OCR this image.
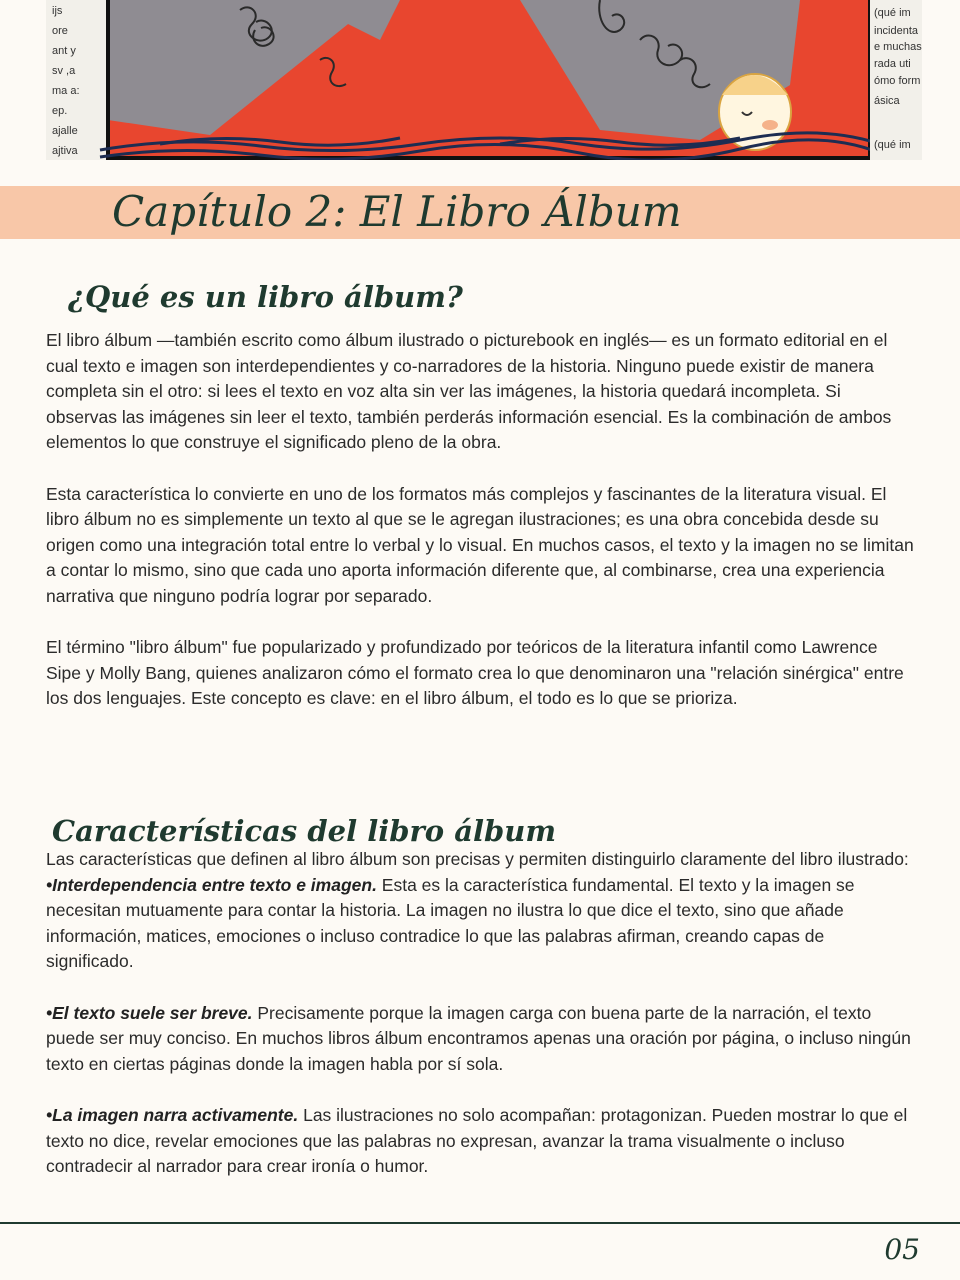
ijs
ore
ant y
sv ,a
ma a:
ep.
ajalle
ajtiva
(qué im
incidenta
e muchas
rada uti
ómo form
ásica
(qué im
Capítulo 2: El Libro Álbum
¿Qué es un libro álbum?

El libro álbum —también escrito como álbum ilustrado o picturebook en inglés— es un formato editorial en el cual texto e imagen son interdependientes y co-narradores de la historia. Ninguno puede existir de manera completa sin el otro: si lees el texto en voz alta sin ver las imágenes, la historia quedará incompleta. Si observas las imágenes sin leer el texto, también perderás información esencial. Es la combinación de ambos elementos lo que construye el significado pleno de la obra.

Esta característica lo convierte en uno de los formatos más complejos y fascinantes de la literatura visual. El libro álbum no es simplemente un texto al que se le agregan ilustraciones; es una obra concebida desde su origen como una integración total entre lo verbal y lo visual. En muchos casos, el texto y la imagen no se limitan a contar lo mismo, sino que cada uno aporta información diferente que, al combinarse, crea una experiencia narrativa que ninguno podría lograr por separado.

El término "libro álbum" fue popularizado y profundizado por teóricos de la literatura infantil como Lawrence Sipe y Molly Bang, quienes analizaron cómo el formato crea lo que denominaron una "relación sinérgica" entre los dos lenguajes. Este concepto es clave: en el libro álbum, el todo es lo que se prioriza.

Características del libro álbum
Las características que definen al libro álbum son precisas y permiten distinguirlo claramente del libro ilustrado:
•Interdependencia entre texto e imagen. Esta es la característica fundamental. El texto y la imagen se necesitan mutuamente para contar la historia. La imagen no ilustra lo que dice el texto, sino que añade información, matices, emociones o incluso contradice lo que las palabras afirman, creando capas de significado.

•El texto suele ser breve. Precisamente porque la imagen carga con buena parte de la narración, el texto puede ser muy conciso. En muchos libros álbum encontramos apenas una oración por página, o incluso ningún texto en ciertas páginas donde la imagen habla por sí sola.

•La imagen narra activamente. Las ilustraciones no solo acompañan: protagonizan. Pueden mostrar lo que el texto no dice, revelar emociones que las palabras no expresan, avanzar la trama visualmente o incluso contradecir al narrador para crear ironía o humor.

05
